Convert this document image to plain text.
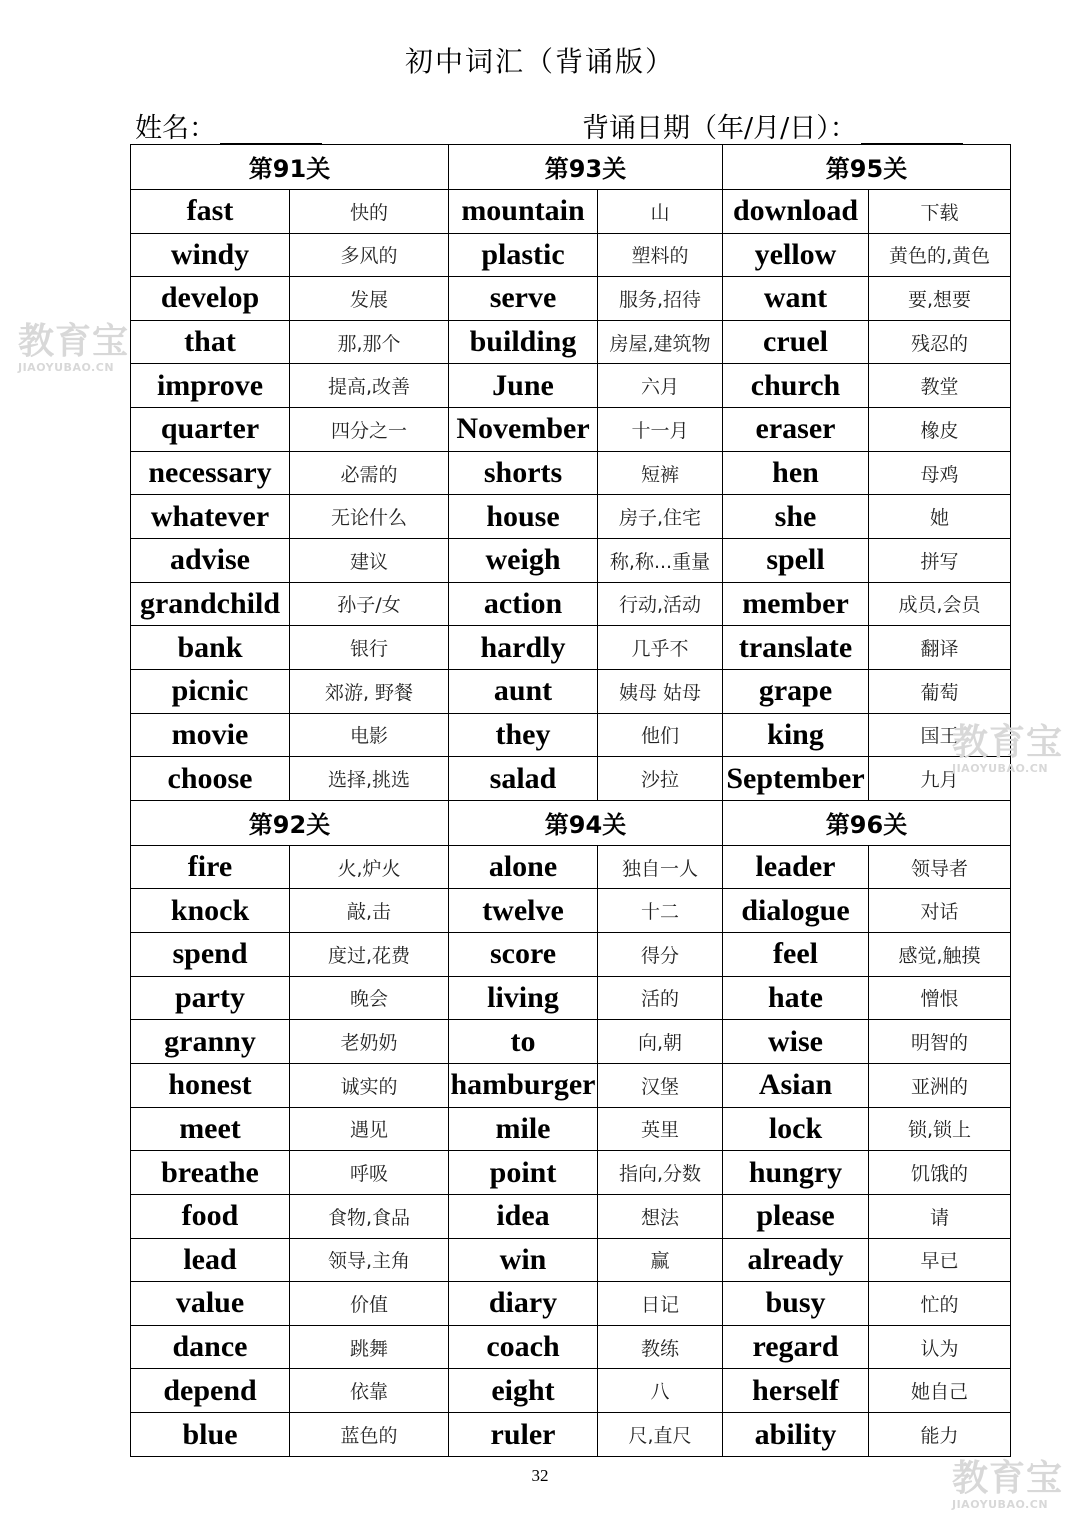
初中词汇（背诵版）
姓名：	背诵日期（年/月/日）：
第91关		第93关		第95关	
fast	快的	mountain	山	download	下载
windy	多风的	plastic	塑料的	yellow	黄色的,黄色
develop	发展	serve	服务,招待	want	要,想要
that	那,那个	building	房屋,建筑物	cruel	残忍的
improve	提高,改善	June	六月	church	教堂
quarter	四分之一	November	十一月	eraser	橡皮
necessary	必需的	shorts	短裤	hen	母鸡
whatever	无论什么	house	房子,住宅	she	她
advise	建议	weigh	称,称...重量	spell	拼写
grandchild	孙子/女	action	行动,活动	member	成员,会员
bank	银行	hardly	几乎不	translate	翻译
picnic	郊游, 野餐	aunt	姨母 姑母	grape	葡萄
movie	电影	they	他们	king	国王
choose	选择,挑选	salad	沙拉	September	九月
第92关		第94关		第96关	
fire	火,炉火	alone	独自一人	leader	领导者
knock	敲,击	twelve	十二	dialogue	对话
spend	度过,花费	score	得分	feel	感觉,触摸
party	晚会	living	活的	hate	憎恨
granny	老奶奶	to	向,朝	wise	明智的
honest	诚实的	hamburger	汉堡	Asian	亚洲的
meet	遇见	mile	英里	lock	锁,锁上
breathe	呼吸	point	指向,分数	hungry	饥饿的
food	食物,食品	idea	想法	please	请
lead	领导,主角	win	赢	already	早已
value	价值	diary	日记	busy	忙的
dance	跳舞	coach	教练	regard	认为
depend	依靠	eight	八	herself	她自己
blue	蓝色的	ruler	尺,直尺	ability	能力
32
教育宝
JIAOYUBAO.CN
教育宝
JIAOYUBAO.CN
教育宝
JIAOYUBAO.CN
